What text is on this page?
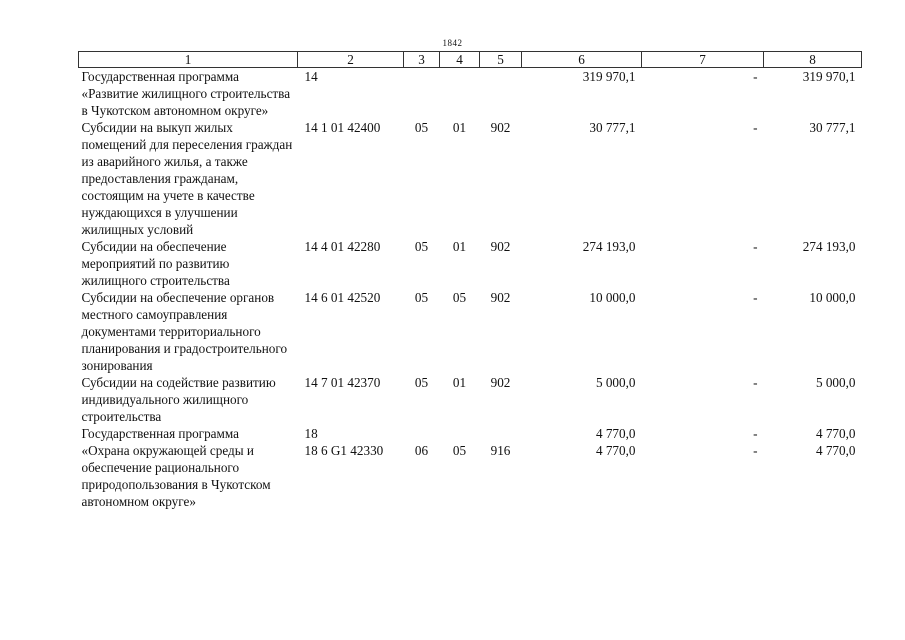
1842
1	2	3	4	5	6	7	8
Государственная программа «Развитие жилищного строительства в Чукотском автономном округе»	14				319 970,1	-	319 970,1
Субсидии на выкуп жилых помещений для переселения граждан из аварийного жилья, а также предоставления гражданам, состоящим на учете в качестве нуждающихся в улучшении жилищных условий	14 1 01 42400	05	01	902	30 777,1	-	30 777,1
Субсидии на обеспечение мероприятий по развитию жилищного строительства	14 4 01 42280	05	01	902	274 193,0	-	274 193,0
Субсидии на обеспечение органов местного самоуправления документами территориального планирования и градостроительного зонирования	14 6 01 42520	05	05	902	10 000,0	-	10 000,0
Субсидии на содействие развитию индивидуального жилищного строительства	14 7 01 42370	05	01	902	5 000,0	-	5 000,0
Государственная программа	18				4 770,0	-	4 770,0
«Охрана окружающей среды и обеспечение рационального природопользования в Чукотском автономном округе»	18 6 G1 42330	06	05	916	4 770,0	-	4 770,0
